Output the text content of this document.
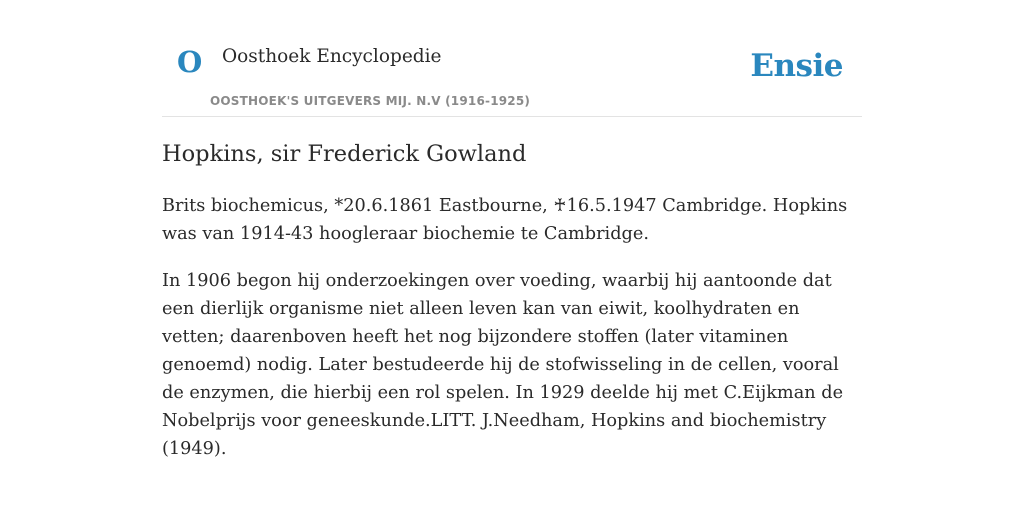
O Oosthoek Encyclopedie
OOSTHOEK'S UITGEVERS MIJ. N.V (1916-1925)
Ensie
Hopkins, sir Frederick Gowland

Brits biochemicus, *20.6.1861 Eastbourne, ♰16.5.1947 Cambridge. Hopkins was van 1914-43 hoogleraar biochemie te Cambridge.

In 1906 begon hij onderzoekingen over voeding, waarbij hij aantoonde dat een dierlijk organisme niet alleen leven kan van eiwit, koolhydraten en vetten; daarenboven heeft het nog bijzondere stoffen (later vitaminen genoemd) nodig. Later bestudeerde hij de stofwisseling in de cellen, vooral de enzymen, die hierbij een rol spelen. In 1929 deelde hij met C.Eijkman de Nobelprijs voor geneeskunde.LITT. J.Needham, Hopkins and biochemistry (1949).
